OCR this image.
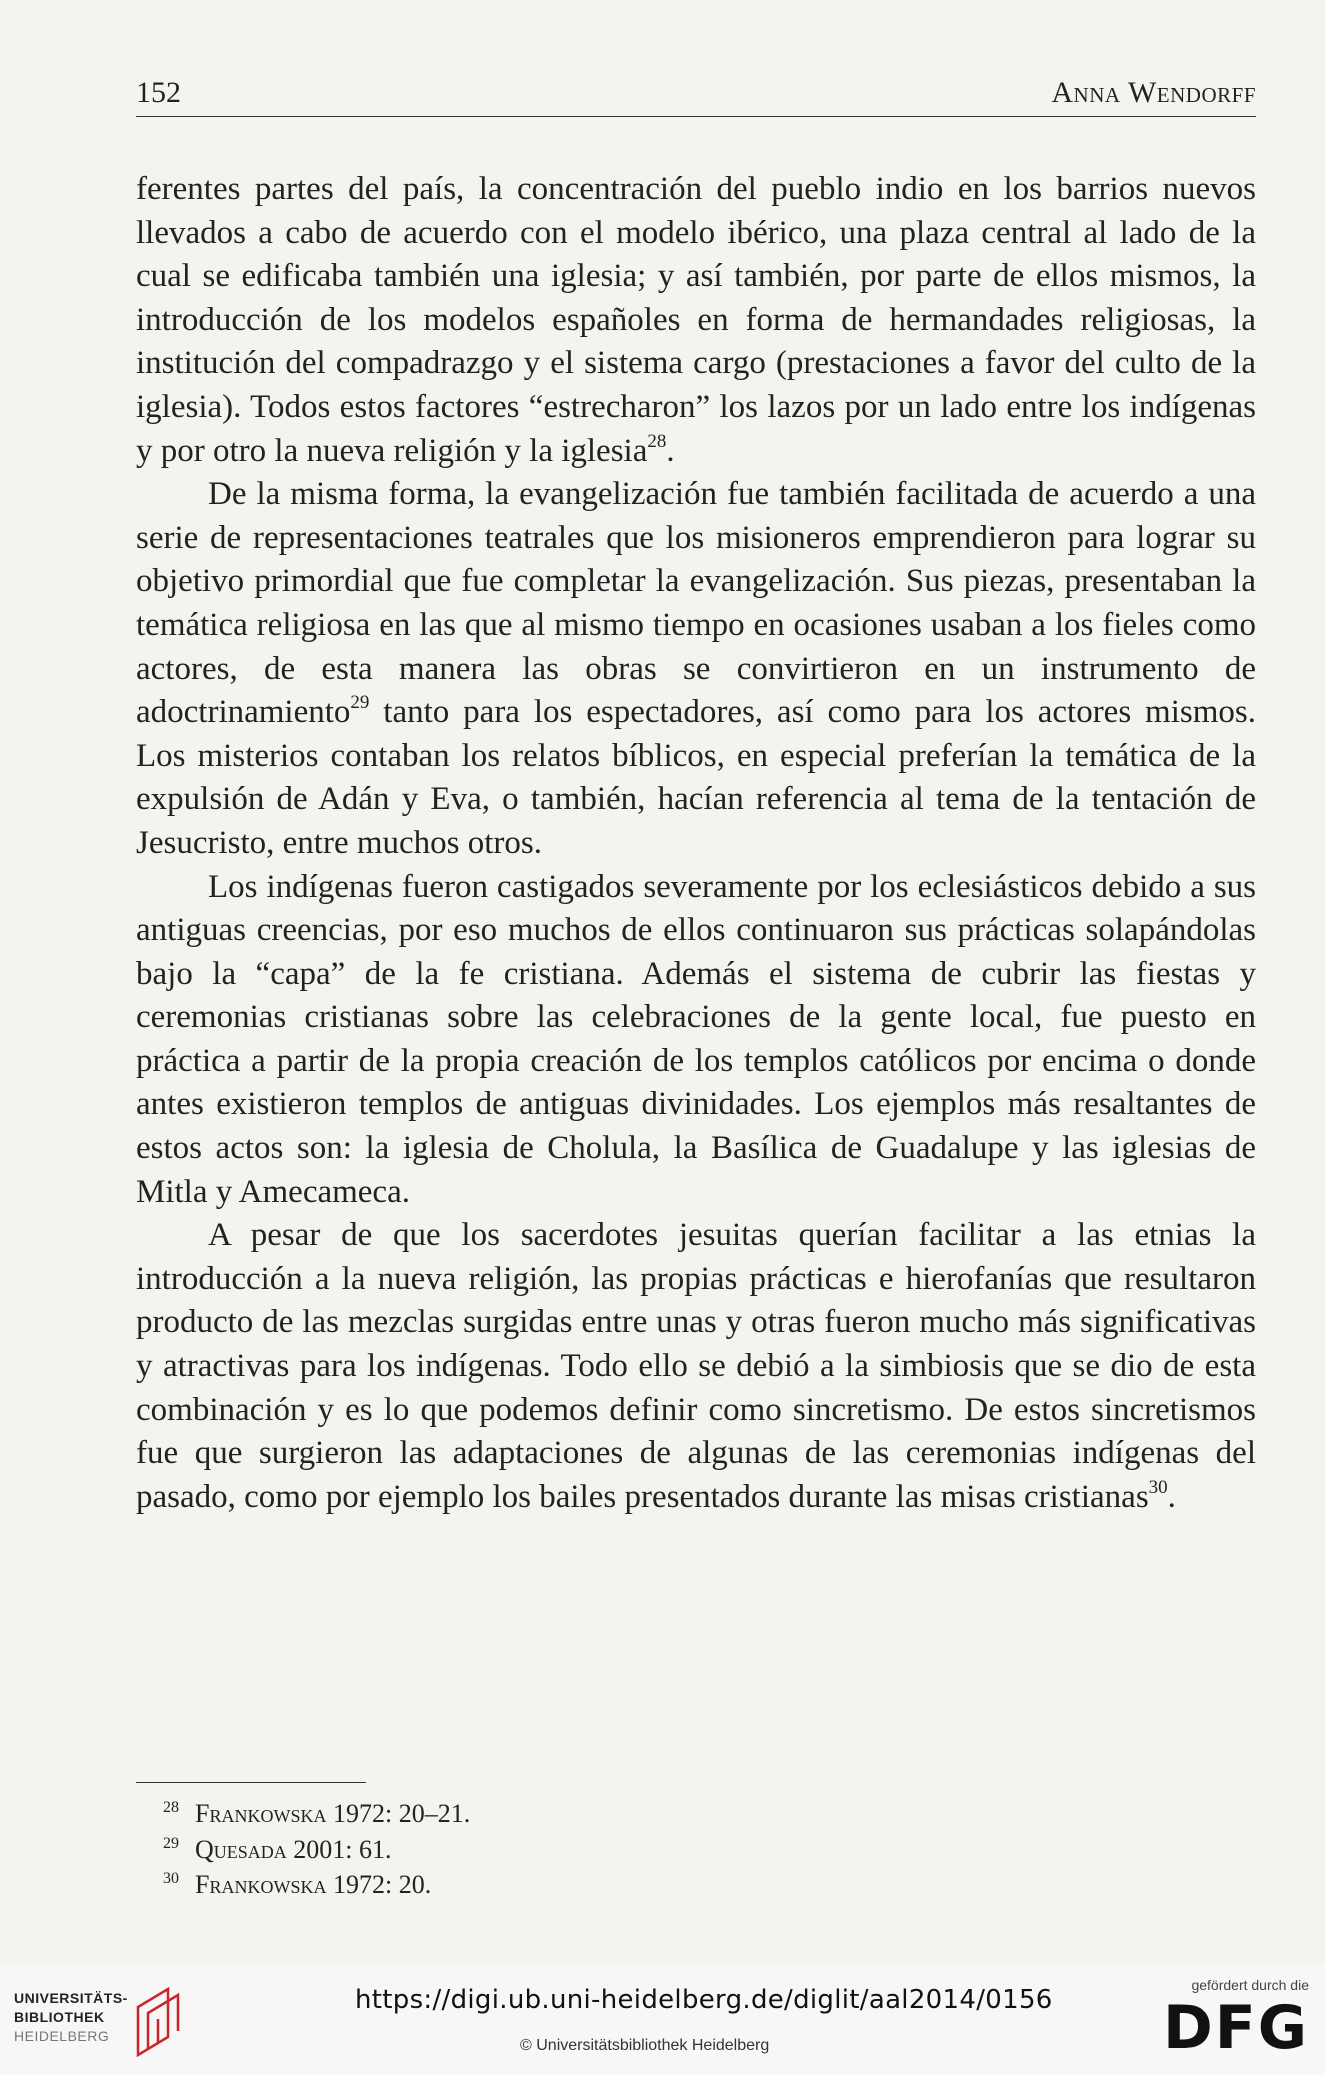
152	Anna Wendorff

ferentes partes del país, la concentración del pueblo indio en los barrios nuevos llevados a cabo de acuerdo con el modelo ibérico, una plaza central al lado de la cual se edificaba también una iglesia; y así también, por parte de ellos mismos, la introducción de los modelos españoles en forma de hermandades religiosas, la institución del compadrazgo y el sistema cargo (prestaciones a favor del culto de la iglesia). Todos estos factores “estrecharon” los lazos por un lado entre los indígenas y por otro la nueva religión y la iglesia$^{28}$.

De la misma forma, la evangelización fue también facilitada de acuerdo a una serie de representaciones teatrales que los misioneros emprendieron para lograr su objetivo primordial que fue completar la evangelización. Sus piezas, presentaban la temática religiosa en las que al mismo tiempo en ocasiones usaban a los fieles como actores, de esta manera las obras se convirtieron en un instrumento de adoctrinamiento$^{29}$ tanto para los espectadores, así como para los actores mismos. Los misterios contaban los relatos bíblicos, en especial preferían la temática de la expulsión de Adán y Eva, o también, hacían referencia al tema de la tentación de Jesucristo, entre muchos otros.

Los indígenas fueron castigados severamente por los eclesiásticos debido a sus antiguas creencias, por eso muchos de ellos continuaron sus prácticas solapándolas bajo la “capa” de la fe cristiana. Además el sistema de cubrir las fiestas y ceremonias cristianas sobre las celebraciones de la gente local, fue puesto en práctica a partir de la propia creación de los templos católicos por encima o donde antes existieron templos de antiguas divinidades. Los ejemplos más resaltantes de estos actos son: la iglesia de Cholula, la Basílica de Guadalupe y las iglesias de Mitla y Amecameca.

A pesar de que los sacerdotes jesuitas querían facilitar a las etnias la introducción a la nueva religión, las propias prácticas e hierofanías que resultaron producto de las mezclas surgidas entre unas y otras fueron mucho más significativas y atractivas para los indígenas. Todo ello se debió a la simbiosis que se dio de esta combinación y es lo que podemos definir como sincretismo. De estos sincretismos fue que surgieron las adaptaciones de algunas de las ceremonias indígenas del pasado, como por ejemplo los bailes presentados durante las misas cristianas$^{30}$.

28 Frankowska 1972: 20–21.
29 Quesada 2001: 61.
30 Frankowska 1972: 20.
UNIVERSITÄTS-
BIBLIOTHEK
HEIDELBERG
https://digi.ub.uni-heidelberg.de/diglit/aal2014/0156
© Universitätsbibliothek Heidelberg
gefördert durch die
DFG
